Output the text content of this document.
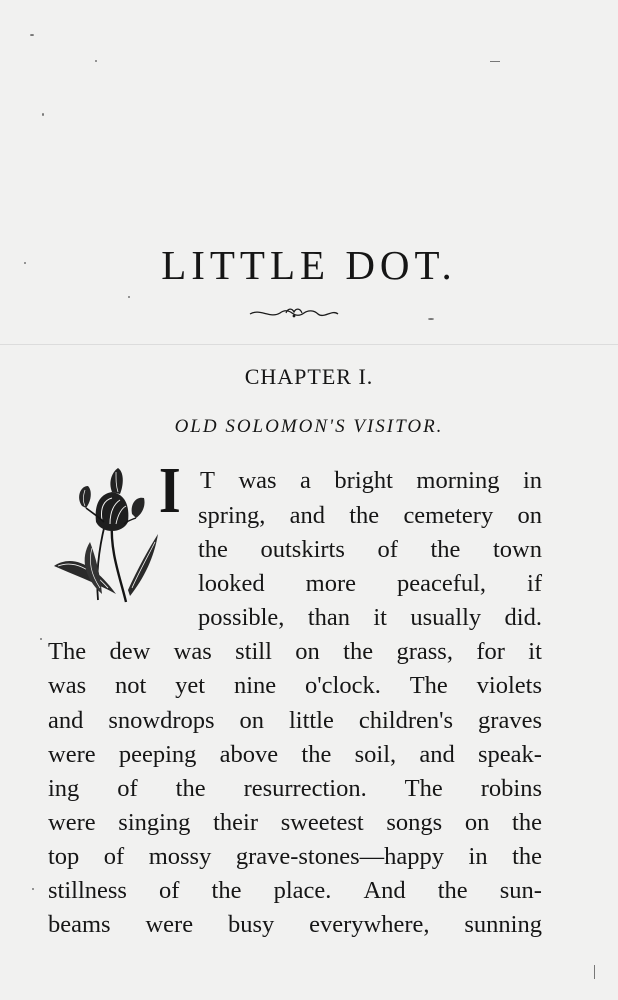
LITTLE DOT.
CHAPTER I.
OLD SOLOMON'S VISITOR.
I T was a bright morning in
spring, and the cemetery on
the outskirts of the town
looked more peaceful, if
possible, than it usually did.
The dew was still on the grass, for it
was not yet nine o'clock. The violets
and snowdrops on little children's graves
were peeping above the soil, and speak-
ing of the resurrection. The robins
were singing their sweetest songs on the
top of mossy grave-stones—happy in the
stillness of the place. And the sun-
beams were busy everywhere, sunning
